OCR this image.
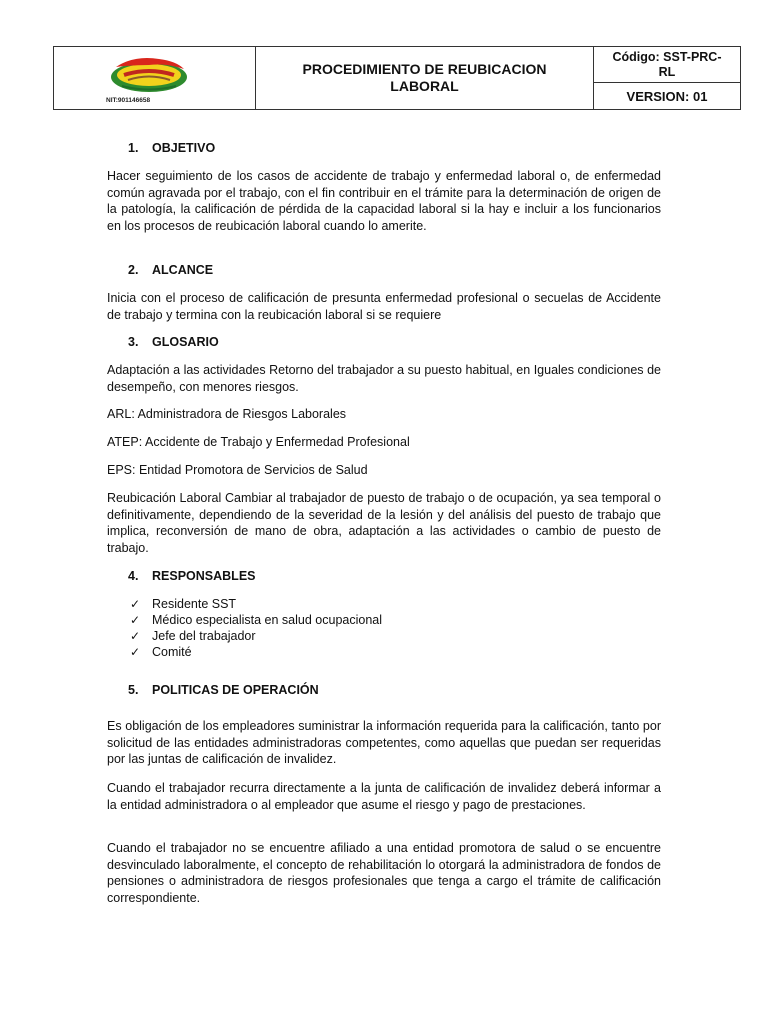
NIT:901146658
PROCEDIMIENTO DE REUBICACION LABORAL
Código: SST-PRC-RL
VERSION: 01
1. OBJETIVO
Hacer seguimiento de los casos de accidente de trabajo y enfermedad laboral o, de enfermedad común agravada por el trabajo, con el fin contribuir en el trámite para la determinación de origen de la patología, la calificación de pérdida de la capacidad laboral si la hay e incluir a los funcionarios en los procesos de reubicación laboral cuando lo amerite.
2. ALCANCE
Inicia con el proceso de calificación de presunta enfermedad profesional o secuelas de Accidente de trabajo y termina con la reubicación laboral si se requiere
3. GLOSARIO
Adaptación a las actividades Retorno del trabajador a su puesto habitual, en Iguales condiciones de desempeño, con menores riesgos.
ARL: Administradora de Riesgos Laborales
ATEP: Accidente de Trabajo y Enfermedad Profesional
EPS: Entidad Promotora de Servicios de Salud
Reubicación Laboral Cambiar al trabajador de puesto de trabajo o de ocupación, ya sea temporal o definitivamente, dependiendo de la severidad de la lesión y del análisis del puesto de trabajo que implica, reconversión de mano de obra, adaptación a las actividades o cambio de puesto de trabajo.
4. RESPONSABLES
✓ Residente SST
✓ Médico especialista en salud ocupacional
✓ Jefe del trabajador
✓ Comité
5. POLITICAS DE OPERACIÓN
Es obligación de los empleadores suministrar la información requerida para la calificación, tanto por solicitud de las entidades administradoras competentes, como aquellas que puedan ser requeridas por las juntas de calificación de invalidez.
Cuando el trabajador recurra directamente a la junta de calificación de invalidez deberá informar a la entidad administradora o al empleador que asume el riesgo y pago de prestaciones.
Cuando el trabajador no se encuentre afiliado a una entidad promotora de salud o se encuentre desvinculado laboralmente, el concepto de rehabilitación lo otorgará la administradora de fondos de pensiones o administradora de riesgos profesionales que tenga a cargo el trámite de calificación correspondiente.
